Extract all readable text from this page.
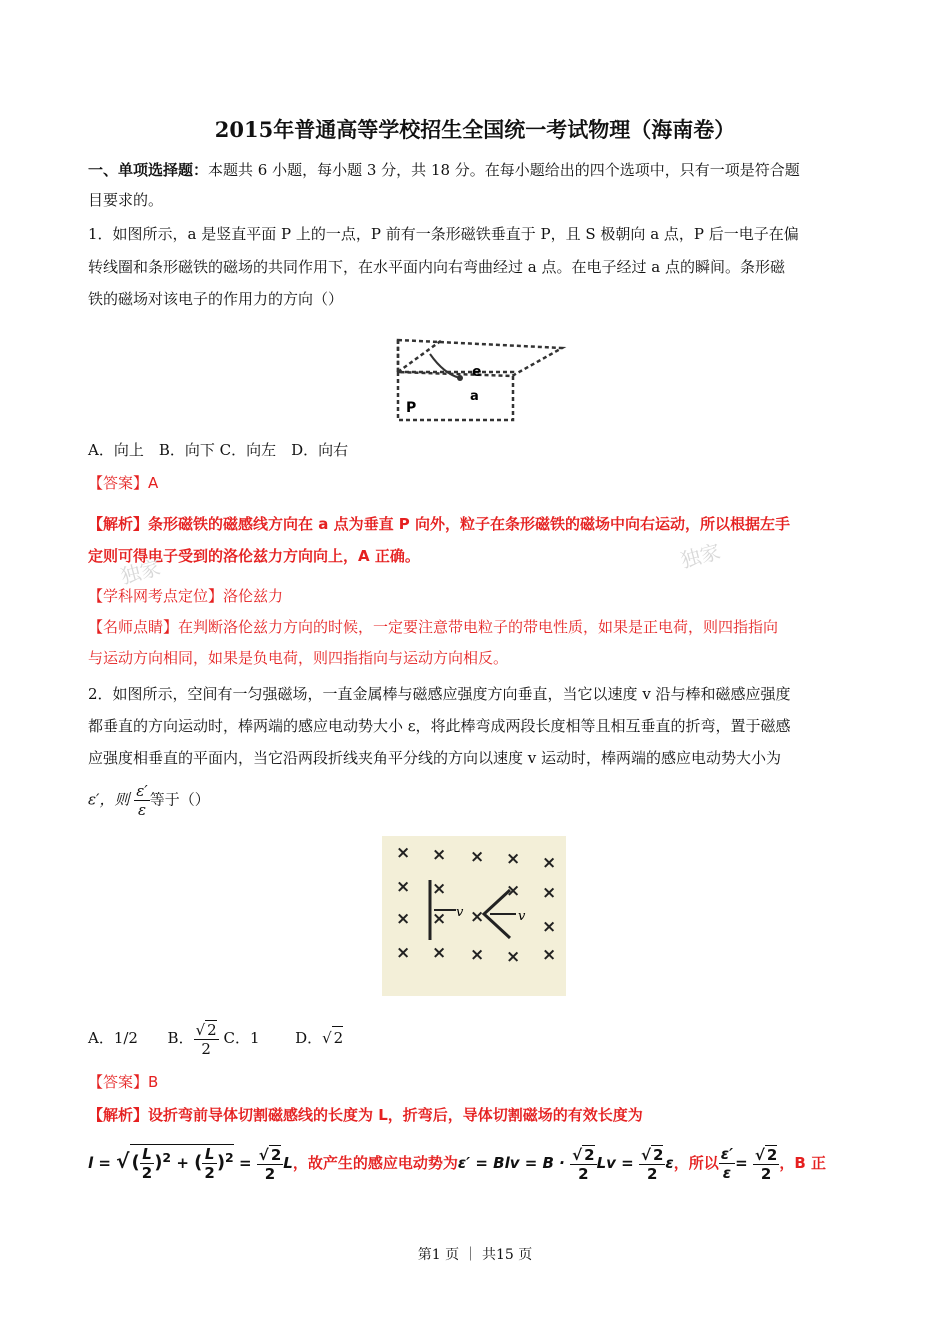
2015年普通高等学校招生全国统一考试物理（海南卷）
一、单项选择题：本题共 6 小题，每小题 3 分，共 18 分。在每小题给出的四个选项中，只有一项是符合题
目要求的。
1．如图所示，a 是竖直平面 P 上的一点，P 前有一条形磁铁垂直于 P，且 S 极朝向 a 点，P 后一电子在偏
转线圈和条形磁铁的磁场的共同作用下，在水平面内向右弯曲经过 a 点。在电子经过 a 点的瞬间。条形磁
铁的磁场对该电子的作用力的方向（）
e
a
P
A．向上　B．向下 C．向左　D．向右
【答案】A
【解析】条形磁铁的磁感线方向在 a 点为垂直 P 向外，粒子在条形磁铁的磁场中向右运动，所以根据左手
定则可得电子受到的洛伦兹力方向向上，A 正确。
【学科网考点定位】洛伦兹力
【名师点睛】在判断洛伦兹力方向的时候，一定要注意带电粒子的带电性质，如果是正电荷，则四指指向
与运动方向相同，如果是负电荷，则四指指向与运动方向相反。
独家	独家
2．如图所示，空间有一匀强磁场，一直金属棒与磁感应强度方向垂直，当它以速度 v 沿与棒和磁感应强度
都垂直的方向运动时，棒两端的感应电动势大小 ε，将此棒弯成两段长度相等且相互垂直的折弯，置于磁感
应强度相垂直的平面内，当它沿两段折线夹角平分线的方向以速度 v 运动时，棒两端的感应电动势大小为
ε′，则 $\frac{\varepsilon'}{\varepsilon}$ 等于（）
× × × × ×
× ×	× ×
× × ×	×
× × × × ×
v	v
A．1/2 B． $\frac{√ 2}{2}$ C．1 D．√ 2
【答案】B
【解析】设折弯前导体切割磁感线的长度为 L，折弯后，导体切割磁场的有效长度为
l = √ ( $\frac{L}{2} )^2$ + ( $\frac{L}{2} )^2 = \frac{√ 2}{2}$ L，故产生的感应电动势为ε′ = Blv = $B \cdot \frac{√ 2}{2}$ $Lv = \frac{√ 2}{2}$ ε，所以 $\frac{\varepsilon'}{\varepsilon} = \frac{√ 2}{2}$ ，B 正
第1 页 ｜ 共15 页
